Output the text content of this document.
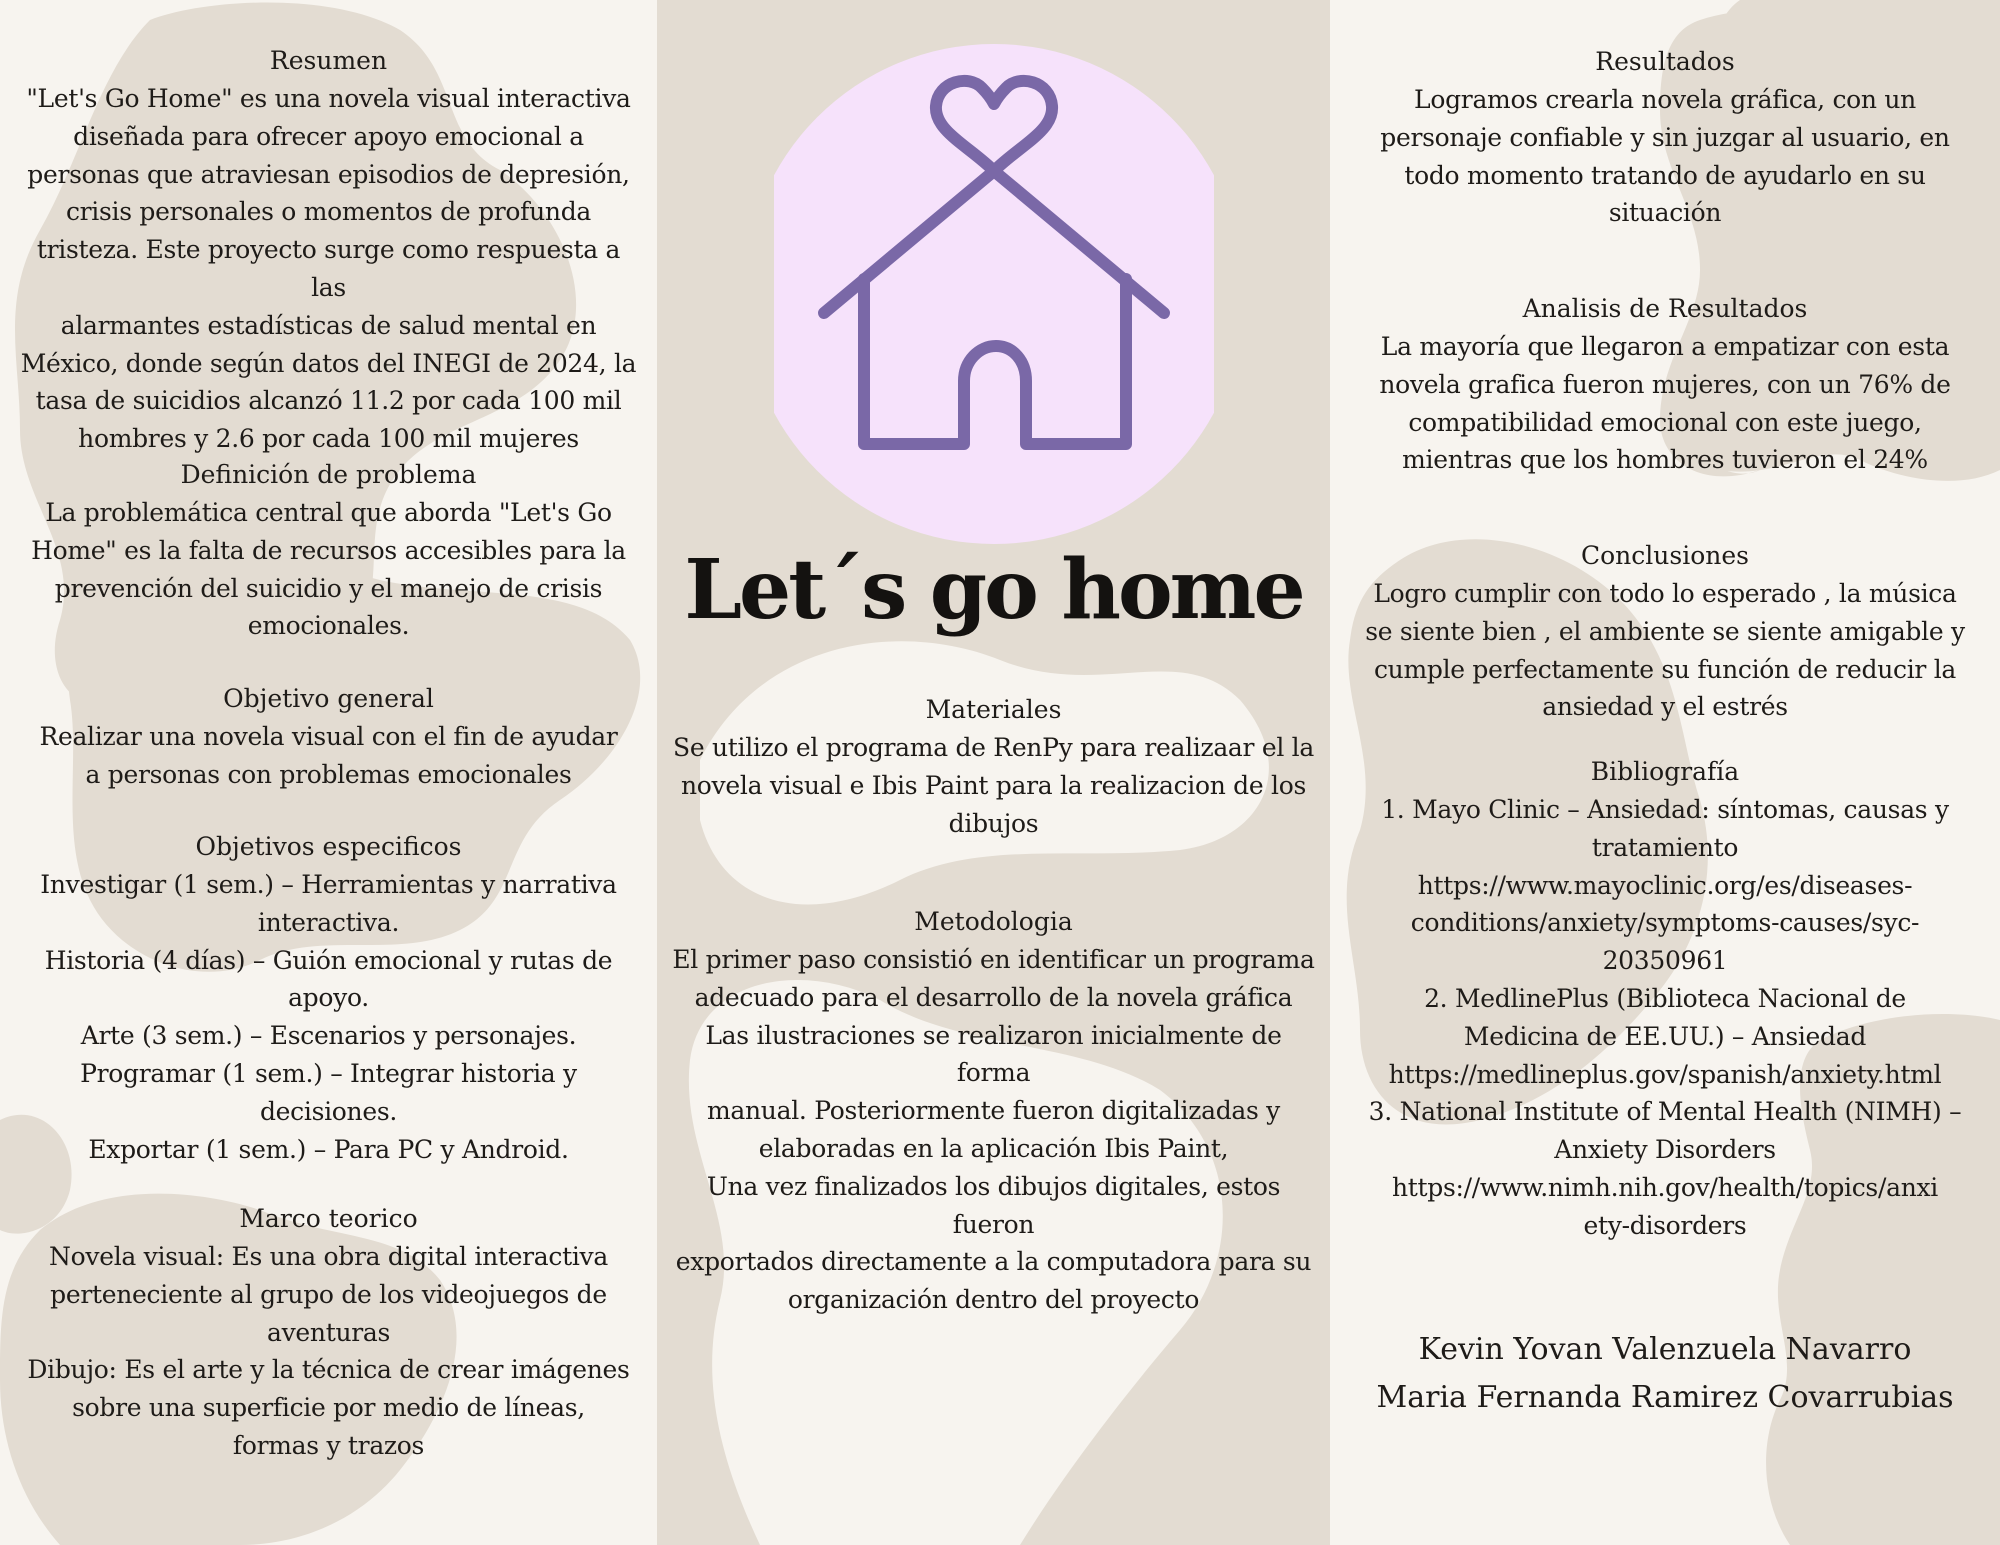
Resumen
"Let's Go Home" es una novela visual interactiva
diseñada para ofrecer apoyo emocional a
personas que atraviesan episodios de depresión,
crisis personales o momentos de profunda
tristeza. Este proyecto surge como respuesta a las
alarmantes estadísticas de salud mental en
México, donde según datos del INEGI de 2024, la
tasa de suicidios alcanzó 11.2 por cada 100 mil
hombres y 2.6 por cada 100 mil mujeres
Definición de problema
La problemática central que aborda "Let's Go
Home" es la falta de recursos accesibles para la
prevención del suicidio y el manejo de crisis
emocionales.
Objetivo general
Realizar una novela visual con el fin de ayudar
a personas con problemas emocionales
Objetivos especificos
Investigar (1 sem.) – Herramientas y narrativa
interactiva.
Historia (4 días) – Guión emocional y rutas de
apoyo.
Arte (3 sem.) – Escenarios y personajes.
Programar (1 sem.) – Integrar historia y
decisiones.
Exportar (1 sem.) – Para PC y Android.
Marco teorico
Novela visual: Es una obra digital interactiva
perteneciente al grupo de los videojuegos de
aventuras
Dibujo: Es el arte y la técnica de crear imágenes
sobre una superficie por medio de líneas,
formas y trazos
Let´s go home
Materiales
Se utilizo el programa de RenPy para realizaar el la
novela visual e Ibis Paint para la realizacion de los
dibujos
Metodologia
El primer paso consistió en identificar un programa
adecuado para el desarrollo de la novela gráfica
Las ilustraciones se realizaron inicialmente de forma
manual. Posteriormente fueron digitalizadas y
elaboradas en la aplicación Ibis Paint,
Una vez finalizados los dibujos digitales, estos fueron
exportados directamente a la computadora para su
organización dentro del proyecto
Resultados
Logramos crearla novela gráfica, con un
personaje confiable y sin juzgar al usuario, en
todo momento tratando de ayudarlo en su
situación
Analisis de Resultados
La mayoría que llegaron a empatizar con esta
novela grafica fueron mujeres, con un 76% de
compatibilidad emocional con este juego,
mientras que los hombres tuvieron el 24%
Conclusiones
Logro cumplir con todo lo esperado , la música
se siente bien , el ambiente se siente amigable y
cumple perfectamente su función de reducir la
ansiedad y el estrés
Bibliografía
1. Mayo Clinic – Ansiedad: síntomas, causas y
tratamiento
https://www.mayoclinic.org/es/diseases-
conditions/anxiety/symptoms-causes/syc-
20350961
2. MedlinePlus (Biblioteca Nacional de
Medicina de EE.UU.) – Ansiedad
https://medlineplus.gov/spanish/anxiety.html
3. National Institute of Mental Health (NIMH) –
Anxiety Disorders
https://www.nimh.nih.gov/health/topics/anxi
ety-disorders
Kevin Yovan Valenzuela Navarro
Maria Fernanda Ramirez Covarrubias
